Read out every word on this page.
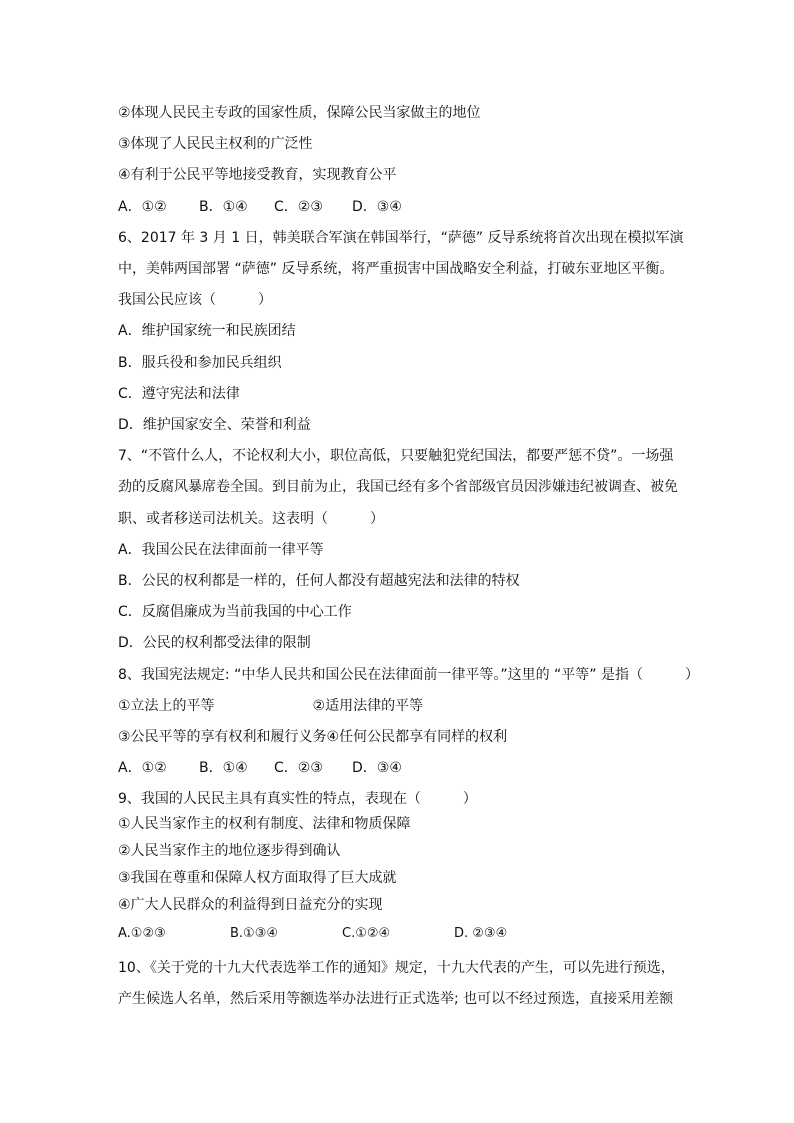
②体现人民民主专政的国家性质，保障公民当家做主的地位
③体现了人民民主权利的广泛性
④有利于公民平等地接受教育，实现教育公平
A．①②	B．①④	C．②③	D．③④
6、2017 年 3 月 1 日，韩美联合军演在韩国举行，“萨德” 反导系统将首次出现在模拟军演
中，美韩两国部署 “萨德” 反导系统，将严重损害中国战略安全利益，打破东亚地区平衡。
我国公民应该（　　　）
A．维护国家统一和民族团结
B．服兵役和参加民兵组织
C．遵守宪法和法律
D．维护国家安全、荣誉和利益
7、“不管什么人，不论权利大小，职位高低，只要触犯党纪国法，都要严惩不贷”。一场强
劲的反腐风暴席卷全国。到目前为止，我国已经有多个省部级官员因涉嫌违纪被调查、被免
职、或者移送司法机关。这表明（　　　）
A．我国公民在法律面前一律平等
B．公民的权利都是一样的，任何人都没有超越宪法和法律的特权
C．反腐倡廉成为当前我国的中心工作
D．公民的权利都受法律的限制
8、我国宪法规定: “中华人民共和国公民在法律面前一律平等。”这里的 “平等” 是指（　　　）
①立法上的平等　　　　　　　②适用法律的平等
③公民平等的享有权利和履行义务④任何公民都享有同样的权利
A．①②	B．①④	C．②③	D．③④
9、我国的人民民主具有真实性的特点，表现在（　　　）
①人民当家作主的权利有制度、法律和物质保障
②人民当家作主的地位逐步得到确认
③我国在尊重和保障人权方面取得了巨大成就
④广大人民群众的利益得到日益充分的实现
A.①②③	B.①③④	C.①②④	D. ②③④
10、《关于党的十九大代表选举工作的通知》规定，十九大代表的产生，可以先进行预选，
产生候选人名单，然后采用等额选举办法进行正式选举; 也可以不经过预选，直接采用差额
